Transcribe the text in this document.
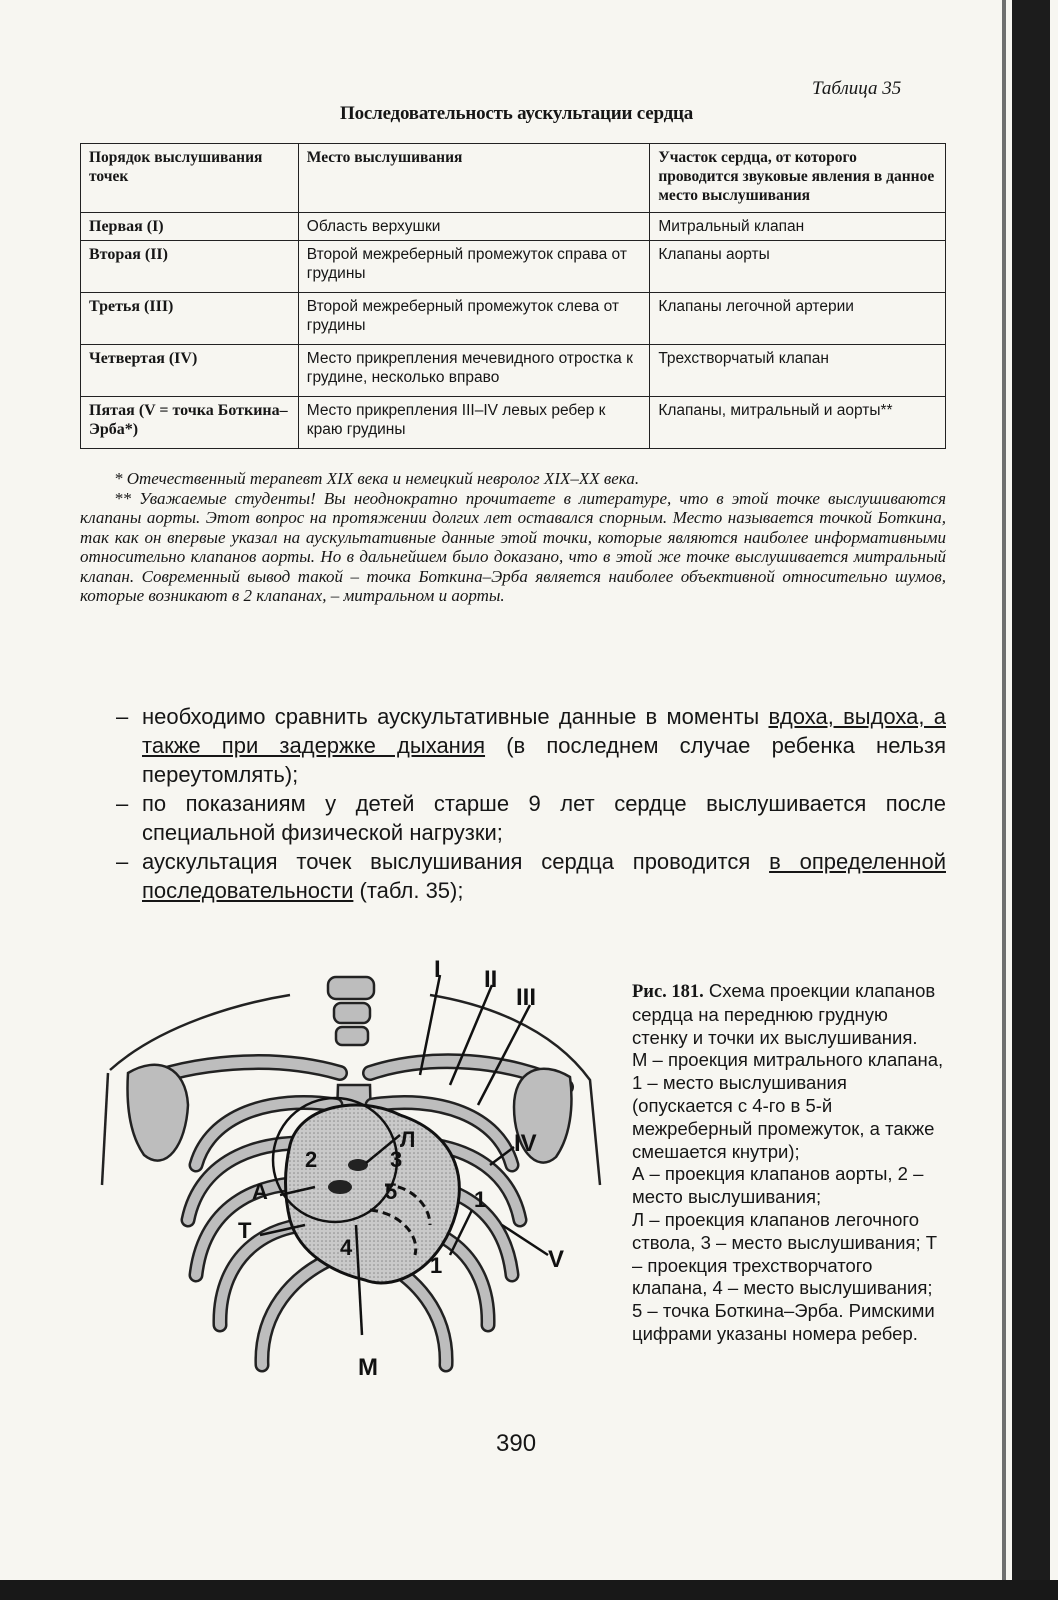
Таблица 35
Последовательность аускультации сердца
Порядок выслушивания точек	Место выслушивания	Участок сердца, от которого проводится звуковые явления в данное место выслушивания
Первая (I)	Область верхушки	Митральный клапан
Вторая (II)	Второй межреберный промежуток справа от грудины	Клапаны аорты
Третья (III)	Второй межреберный промежуток слева от грудины	Клапаны легочной артерии
Четвертая (IV)	Место прикрепления мечевидного отростка к грудине, несколько вправо	Трехстворчатый клапан
Пятая (V = точка Боткина–Эрба*)	Место прикрепления III–IV левых ребер к краю грудины	Клапаны, митральный и аорты**

* Отечественный терапевт XIX века и немецкий невролог XIX–XX века.

** Уважаемые студенты! Вы неоднократно прочитаете в литературе, что в этой точке выслушиваются клапаны аорты. Этот вопрос на протяжении долгих лет оставался спорным. Место называется точкой Боткина, так как он впервые указал на аускультативные данные этой точки, которые являются наиболее информативными относительно клапанов аорты. Но в дальнейшем было доказано, что в этой же точке выслушивается митральный клапан. Современный вывод такой – точка Боткина–Эрба является наиболее объективной относительно шумов, которые возникают в 2 клапанах, – митральном и аорты.

– необходимо сравнить аускультативные данные в моменты вдоха, выдоха, а также при задержке дыхания (в последнем случае ребенка нельзя переутомлять);
– по показаниям у детей старше 9 лет сердце выслушивается после специальной физической нагрузки;
– аускультация точек выслушивания сердца проводится в определенной последовательности (табл. 35);
I II
III
IV
V
А
Т
Л
М
2	3
5	1
4
1

Рис. 181. Схема проекции клапанов сердца на переднюю грудную стенку и точки их выслушивания.

М – проекция митрального клапана, 1 – место выслушивания (опускается с 4-го в 5-й межреберный промежуток, а также смешается кнутри);

А – проекция клапанов аорты, 2 – место выслушивания;

Л – проекция клапанов легочного ствола, 3 – место выслушивания; Т – проекция трехстворчатого клапана, 4 – место выслушивания; 5 – точка Боткина–Эрба. Римскими цифрами указаны номера ребер.

390
